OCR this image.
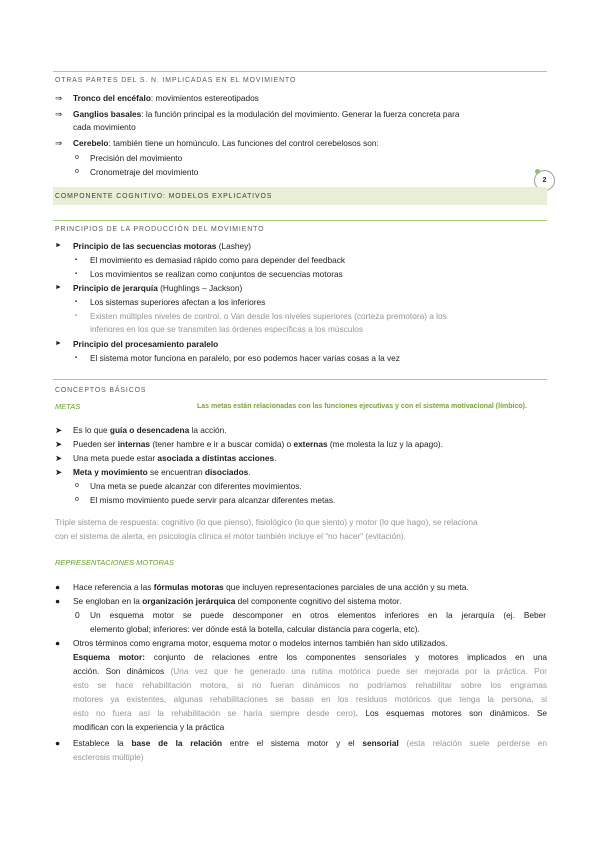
2
OTRAS PARTES DEL S. N. IMPLICADAS EN EL MOVIMIENTO
⇒ Tronco del encéfalo: movimientos estereotipados
⇒ Ganglios basales: la función principal es la modulación del movimiento. Generar la fuerza concreta para
cada movimiento
⇒ Cerebelo: también tiene un homúnculo. Las funciones del control cerebelosos son:
o Precisión del movimiento
o Cronometraje del movimiento
COMPONENTE COGNITIVO: MODELOS EXPLICATIVOS
PRINCIPIOS DE LA PRODUCCIÓN DEL MOVIMIENTO
► Principio de las secuencias motoras (Lashey)
▪ El movimiento es demasiad rápido como para depender del feedback
▪ Los movimientos se realizan como conjuntos de secuencias motoras
► Principio de jerarquía (Hughlings – Jackson)
▪ Los sistemas superiores afectan a los inferiores
▪ Existen múltiples niveles de control. o Van desde los niveles superiores (corteza premotora) a los
inferiores en los que se transmiten las órdenes específicas a los músculos
► Principio del procesamiento paralelo
▪ El sistema motor funciona en paralelo, por eso podemos hacer varias cosas a la vez
CONCEPTOS BÁSICOS
METAS	Las metas están relacionadas con las funciones ejecutivas y con el sistema motivacional (límbico).
➤ Es lo que guía o desencadena la acción.
➤ Pueden ser internas (tener hambre e ir a buscar comida) o externas (me molesta la luz y la apago).
➤ Una meta puede estar asociada a distintas acciones.
➤ Meta y movimiento se encuentran disociados.
o Una meta se puede alcanzar con diferentes movimientos.
o El mismo movimiento puede servir para alcanzar diferentes metas.
Triple sistema de respuesta: cognitivo (lo que pienso), fisiológico (lo que siento) y motor (lo que hago), se relaciona
con el sistema de alerta, en psicología clínica el motor también incluye el “no hacer” (evitación).
REPRESENTACIONES MOTORAS
● Hace referencia a las fórmulas motoras que incluyen representaciones parciales de una acción y su meta.
● Se engloban en la organización jerárquica del componente cognitivo del sistema motor.
0 Un esquema motor se puede descomponer en otros elementos inferiores en la jerarquía (ej. Beber
elemento global; inferiores: ver dónde está la botella, calcular distancia para cogerla, etc).
● Otros términos como engrama motor, esquema motor o modelos internos también han sido utilizados.
Esquema motor: conjunto de relaciones entre los componentes sensoriales y motores implicados en una
acción. Son dinámicos (Una vez que he generado una rutina motórica puede ser mejorada por la práctica. Por
esto se hace rehabilitación motora, si no fueran dinámicos no podríamos rehabilitar sobre los engramas
motores ya existentes, algunas rehabilitaciones se basan en los residuos motóricos que tenga la persona, si
esto no fuera así la rehabilitación se haría siempre desde cero). Los esquemas motores son dinámicos. Se
modifican con la experiencia y la práctica
● Establece la base de la relación entre el sistema motor y el sensorial (esta relación suele perderse en
esclerosis múltiple)
